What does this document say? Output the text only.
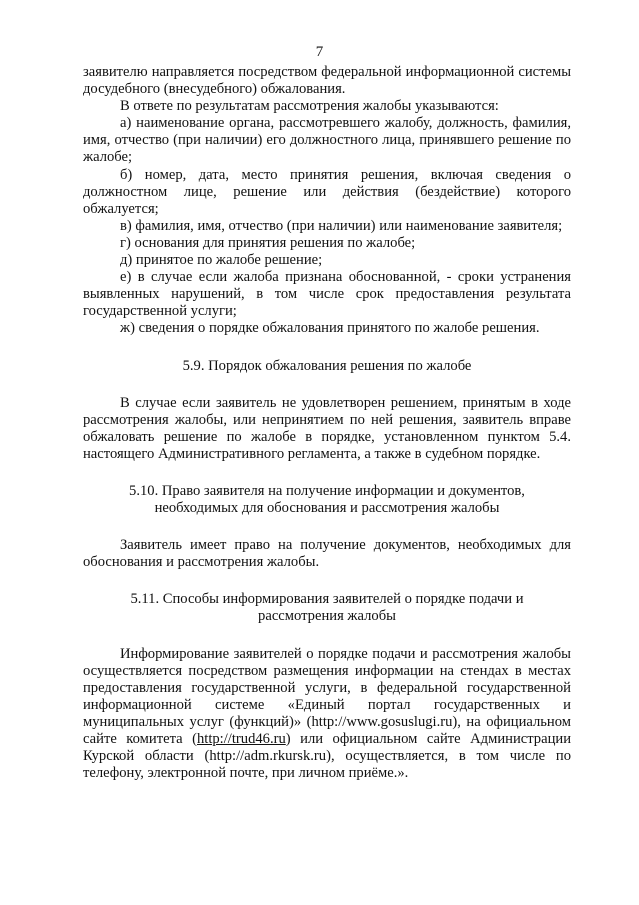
7

заявителю направляется посредством федеральной информационной системы досудебного (внесудебного) обжалования.

В ответе по результатам рассмотрения жалобы указываются:

а) наименование органа, рассмотревшего жалобу, должность, фамилия, имя, отчество (при наличии) его должностного лица, принявшего решение по жалобе;

б) номер, дата, место принятия решения, включая сведения о должностном лице, решение или действия (бездействие) которого обжалуется;

в) фамилия, имя, отчество (при наличии) или наименование заявителя;

г) основания для принятия решения по жалобе;

д) принятое по жалобе решение;

е) в случае если жалоба признана обоснованной, - сроки устранения выявленных нарушений, в том числе срок предоставления результата государственной услуги;

ж) сведения о порядке обжалования принятого по жалобе решения.

5.9. Порядок обжалования решения по жалобе

В случае если заявитель не удовлетворен решением, принятым в ходе рассмотрения жалобы, или непринятием по ней решения, заявитель вправе обжаловать решение по жалобе в порядке, установленном пунктом 5.4. настоящего Административного регламента, а также в судебном порядке.

5.10. Право заявителя на получение информации и документов,

необходимых для обоснования и рассмотрения жалобы

Заявитель имеет право на получение документов, необходимых для обоснования и рассмотрения жалобы.

5.11. Способы информирования заявителей о порядке подачи и

рассмотрения жалобы

Информирование заявителей о порядке подачи и рассмотрения жалобы осуществляется посредством размещения информации на стендах в местах предоставления государственной услуги, в федеральной государственной информационной системе «Единый портал государственных и муниципальных услуг (функций)» (http://www.gosuslugi.ru), на официальном сайте комитета (http://trud46.ru) или официальном сайте Администрации Курской области (http://adm.rkursk.ru), осуществляется, в том числе по телефону, электронной почте, при личном приёме.».
